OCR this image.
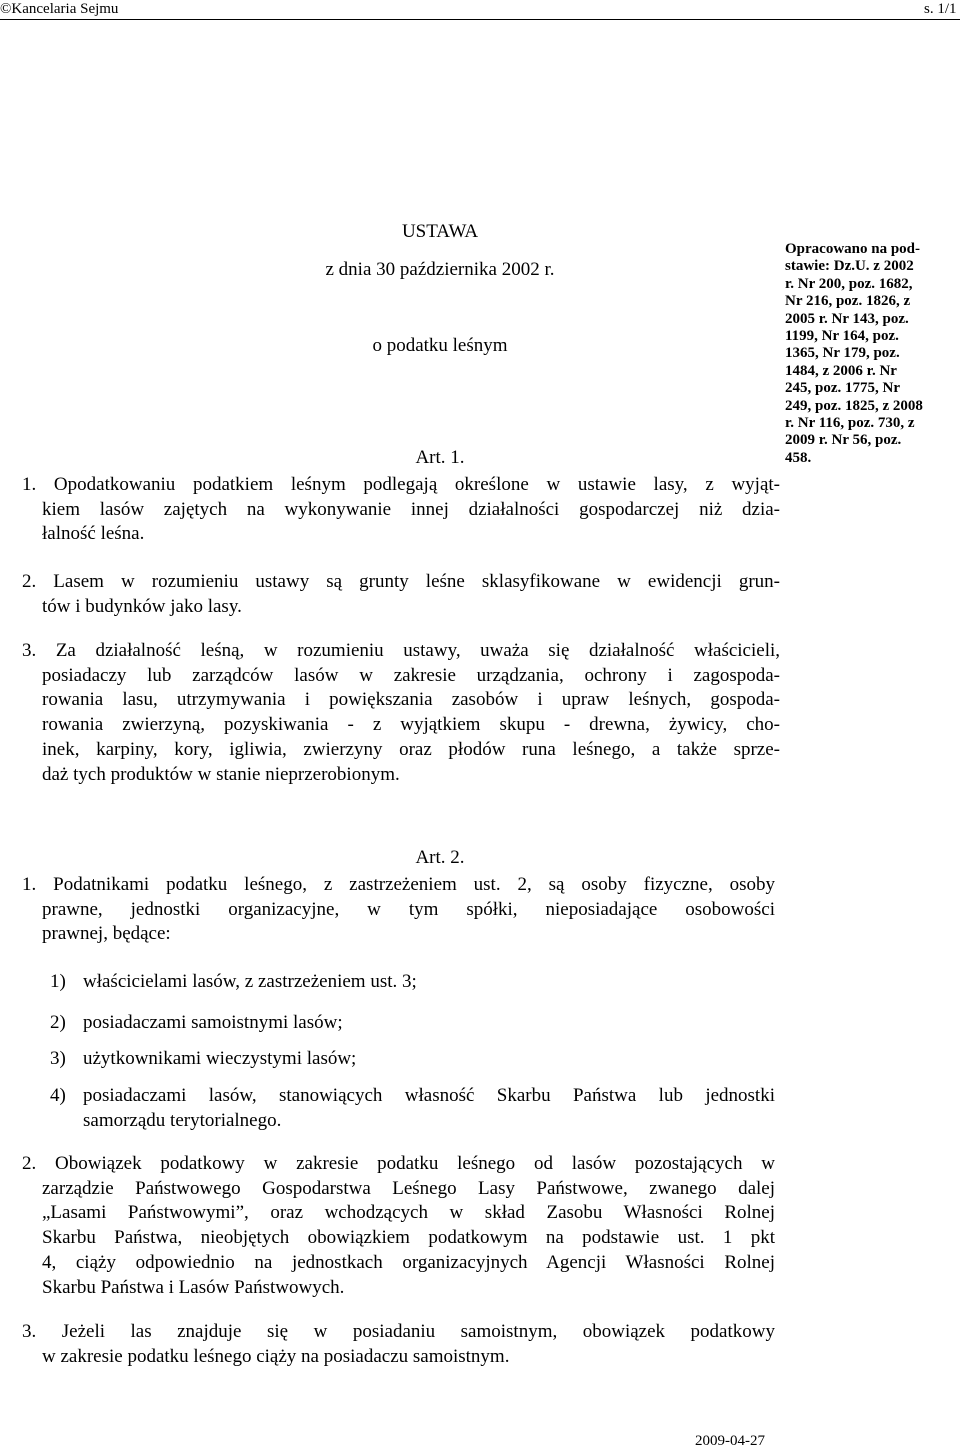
©Kancelaria Sejmu	s. 1/1
USTAWA
z dnia 30 października 2002 r.
o podatku leśnym
Opracowano na pod-
stawie: Dz.U. z 2002
r. Nr 200, poz. 1682,
Nr 216, poz. 1826, z
2005 r. Nr 143, poz.
1199, Nr 164, poz.
1365, Nr 179, poz.
1484, z 2006 r. Nr
245, poz. 1775, Nr
249, poz. 1825, z 2008
r. Nr 116, poz. 730, z
2009 r. Nr 56, poz.
458.
Art. 1.
1. Opodatkowaniu podatkiem leśnym podlegają określone w ustawie lasy, z wyjąt-
kiem lasów zajętych na wykonywanie innej działalności gospodarczej niż dzia-
łalność leśna.
2. Lasem w rozumieniu ustawy są grunty leśne sklasyfikowane w ewidencji grun-
tów i budynków jako lasy.
3. Za działalność leśną, w rozumieniu ustawy, uważa się działalność właścicieli,
posiadaczy lub zarządców lasów w zakresie urządzania, ochrony i zagospoda-
rowania lasu, utrzymywania i powiększania zasobów i upraw leśnych, gospoda-
rowania zwierzyną, pozyskiwania - z wyjątkiem skupu - drewna, żywicy, cho-
inek, karpiny, kory, igliwia, zwierzyny oraz płodów runa leśnego, a także sprze-
daż tych produktów w stanie nieprzerobionym.
Art. 2.
1. Podatnikami podatku leśnego, z zastrzeżeniem ust. 2, są osoby fizyczne, osoby
prawne, jednostki organizacyjne, w tym spółki, nieposiadające osobowości
prawnej, będące:
1) właścicielami lasów, z zastrzeżeniem ust. 3;
2) posiadaczami samoistnymi lasów;
3) użytkownikami wieczystymi lasów;
4) posiadaczami lasów, stanowiących własność Skarbu Państwa lub jednostki
samorządu terytorialnego.
2. Obowiązek podatkowy w zakresie podatku leśnego od lasów pozostających w
zarządzie Państwowego Gospodarstwa Leśnego Lasy Państwowe, zwanego dalej
„Lasami Państwowymi”, oraz wchodzących w skład Zasobu Własności Rolnej
Skarbu Państwa, nieobjętych obowiązkiem podatkowym na podstawie ust. 1 pkt
4, ciąży odpowiednio na jednostkach organizacyjnych Agencji Własności Rolnej
Skarbu Państwa i Lasów Państwowych.
3. Jeżeli las znajduje się w posiadaniu samoistnym, obowiązek podatkowy
w zakresie podatku leśnego ciąży na posiadaczu samoistnym.
2009-04-27
